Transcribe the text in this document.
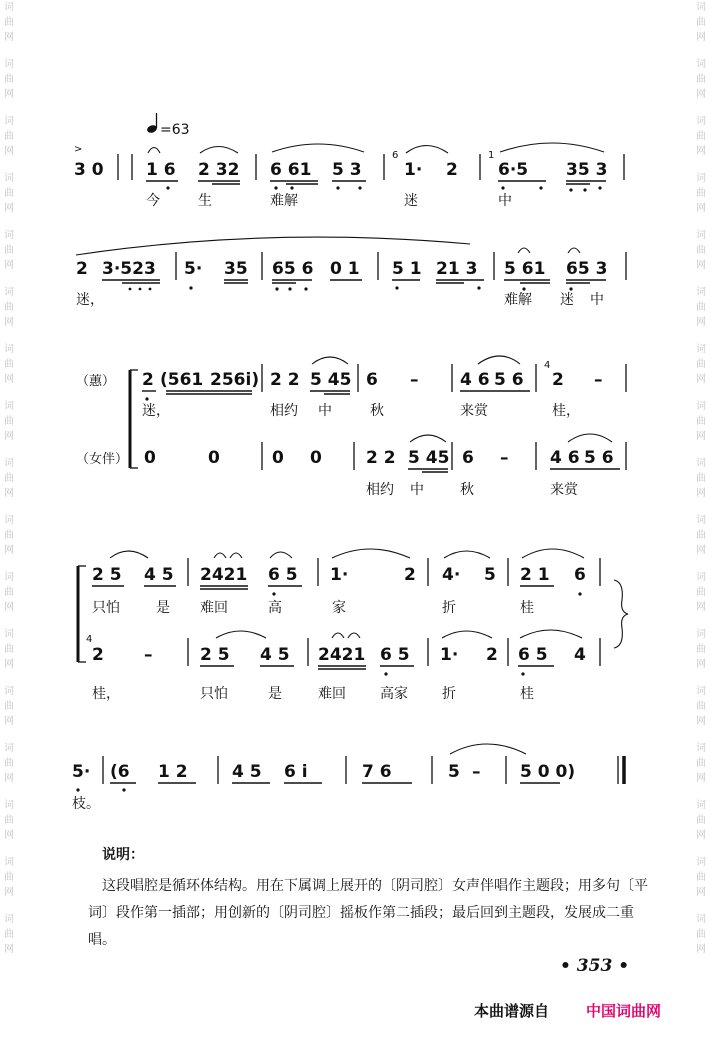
词曲网
词曲网
词曲网
词曲网
词曲网
词曲网
词曲网
词曲网
词曲网
词曲网
词曲网
词曲网
词曲网
词曲网
词曲网
词曲网
词曲网
词曲网
词曲网
词曲网
词曲网
词曲网
词曲网
词曲网
词曲网
词曲网
词曲网
词曲网
词曲网
词曲网
词曲网
词曲网
词曲网
词曲网
=63
>
3 0 1 6 2 32 6 61 5 3
6
1· 2
1
6·5 35 3
今	生	难解	迷	中
2 3·523 5· 35 65 6 0 1 5 1 21 3 5 61 65 3
迷，	难解 迷 中
（蕙） 2 (561 256i) 2 2 5 45 6 – 4 6 5 6
4
2 –
迷，	相约 中	秋	来赏	桂，
（女伴） 0	0	0 0	2 2 5 45 6 – 4 6 5 6
相约 中	秋	来赏
2 5 4 5 2421 6 5 1·	2 4· 5 2 1 6
只怕	是 难回	高	家	折	桂
4
2 –	2 5 4 5 2421 6 5 1· 2 6 5 4
桂，	只怕	是	难回 高家 折	桂
5· (6 1 2	4 5 6 i	7 6	5 – 5 0 0)
枝。

说明：

这段唱腔是循环体结构。用在下属调上展开的〔阴司腔〕女声伴唱作主题段；用多句〔平词〕段作第一插部；用创新的〔阴司腔〕摇板作第二插段；最后回到主题段，发展成二重唱。

• 353 •
本曲谱源自 中国词曲网
